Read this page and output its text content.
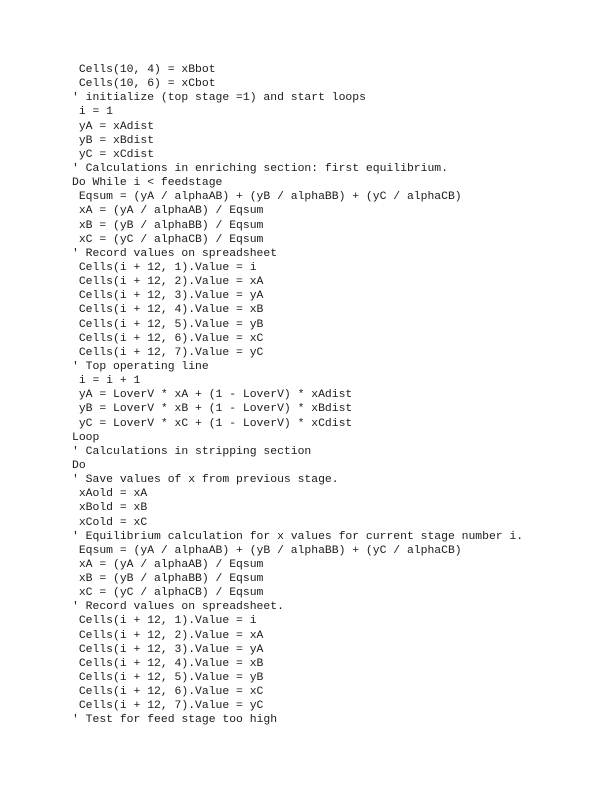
Cells(10, 4) = xBbot
Cells(10, 6) = xCbot
' initialize (top stage =1) and start loops
i = 1
yA = xAdist
yB = xBdist
yC = xCdist
' Calculations in enriching section: first equilibrium.
Do While i < feedstage
Eqsum = (yA / alphaAB) + (yB / alphaBB) + (yC / alphaCB)
xA = (yA / alphaAB) / Eqsum
xB = (yB / alphaBB) / Eqsum
xC = (yC / alphaCB) / Eqsum
' Record values on spreadsheet
Cells(i + 12, 1).Value = i
Cells(i + 12, 2).Value = xA
Cells(i + 12, 3).Value = yA
Cells(i + 12, 4).Value = xB
Cells(i + 12, 5).Value = yB
Cells(i + 12, 6).Value = xC
Cells(i + 12, 7).Value = yC
' Top operating line
i = i + 1
yA = LoverV * xA + (1 - LoverV) * xAdist
yB = LoverV * xB + (1 - LoverV) * xBdist
yC = LoverV * xC + (1 - LoverV) * xCdist
Loop
' Calculations in stripping section
Do
' Save values of x from previous stage.
xAold = xA
xBold = xB
xCold = xC
' Equilibrium calculation for x values for current stage number i.
Eqsum = (yA / alphaAB) + (yB / alphaBB) + (yC / alphaCB)
xA = (yA / alphaAB) / Eqsum
xB = (yB / alphaBB) / Eqsum
xC = (yC / alphaCB) / Eqsum
' Record values on spreadsheet.
Cells(i + 12, 1).Value = i
Cells(i + 12, 2).Value = xA
Cells(i + 12, 3).Value = yA
Cells(i + 12, 4).Value = xB
Cells(i + 12, 5).Value = yB
Cells(i + 12, 6).Value = xC
Cells(i + 12, 7).Value = yC
' Test for feed stage too high
